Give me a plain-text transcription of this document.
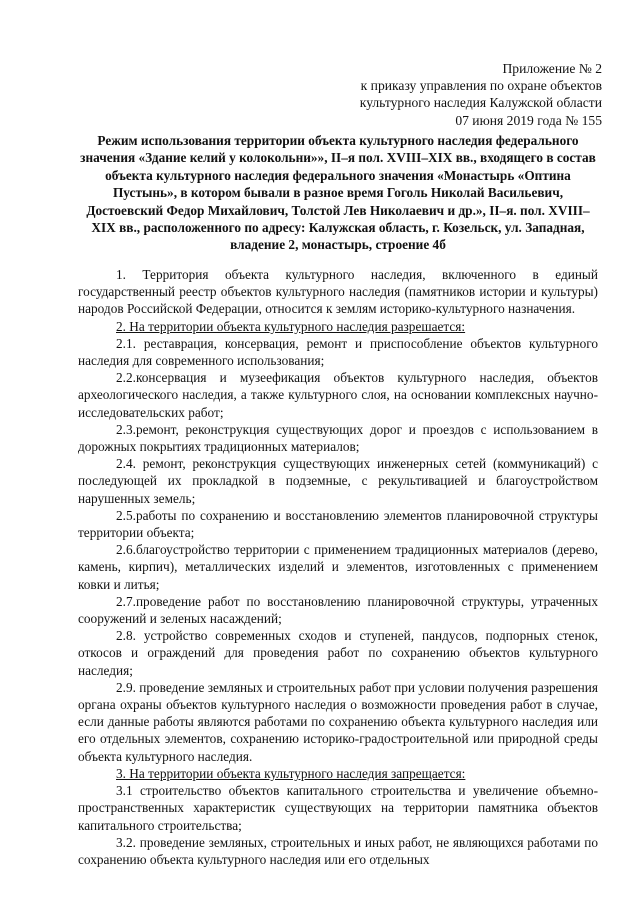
Приложение № 2
к приказу управления по охране объектов
культурного наследия Калужской области
07 июня 2019 года № 155
Режим использования территории объекта культурного наследия федерального значения «Здание келий у колокольни»», II–я пол. XVIII–XIX вв., входящего в состав объекта культурного наследия федерального значения «Монастырь «Оптина Пустынь», в котором бывали в разное время Гоголь Николай Васильевич, Достоевский Федор Михайлович, Толстой Лев Николаевич и др.», II–я. пол. XVIII–XIX вв., расположенного по адресу: Калужская область, г. Козельск, ул. Западная, владение 2, монастырь, строение 4б

1. Территория объекта культурного наследия, включенного в единый государственный реестр объектов культурного наследия (памятников истории и культуры) народов Российской Федерации, относится к землям историко-культурного назначения.

2. На территории объекта культурного наследия разрешается:

2.1. реставрация, консервация, ремонт и приспособление объектов культурного наследия для современного использования;

2.2.консервация и музеефикация объектов культурного наследия, объектов археологического наследия, а также культурного слоя, на основании комплексных научно-исследовательских работ;

2.3.ремонт, реконструкция существующих дорог и проездов с использованием в дорожных покрытиях традиционных материалов;

2.4. ремонт, реконструкция существующих инженерных сетей (коммуникаций) с последующей их прокладкой в подземные, с рекультивацией и благоустройством нарушенных земель;

2.5.работы по сохранению и восстановлению элементов планировочной структуры территории объекта;

2.6.благоустройство территории с применением традиционных материалов (дерево, камень, кирпич), металлических изделий и элементов, изготовленных с применением ковки и литья;

2.7.проведение работ по восстановлению планировочной структуры, утраченных сооружений и зеленых насаждений;

2.8. устройство современных сходов и ступеней, пандусов, подпорных стенок, откосов и ограждений для проведения работ по сохранению объектов культурного наследия;

2.9. проведение земляных и строительных работ при условии получения разрешения органа охраны объектов культурного наследия о возможности проведения работ в случае, если данные работы являются работами по сохранению объекта культурного наследия или его отдельных элементов, сохранению историко-градостроительной или природной среды объекта культурного наследия.

3. На территории объекта культурного наследия запрещается:

3.1 строительство объектов капитального строительства и увеличение объемно-пространственных характеристик существующих на территории памятника объектов капитального строительства;

3.2. проведение земляных, строительных и иных работ, не являющихся работами по сохранению объекта культурного наследия или его отдельных
